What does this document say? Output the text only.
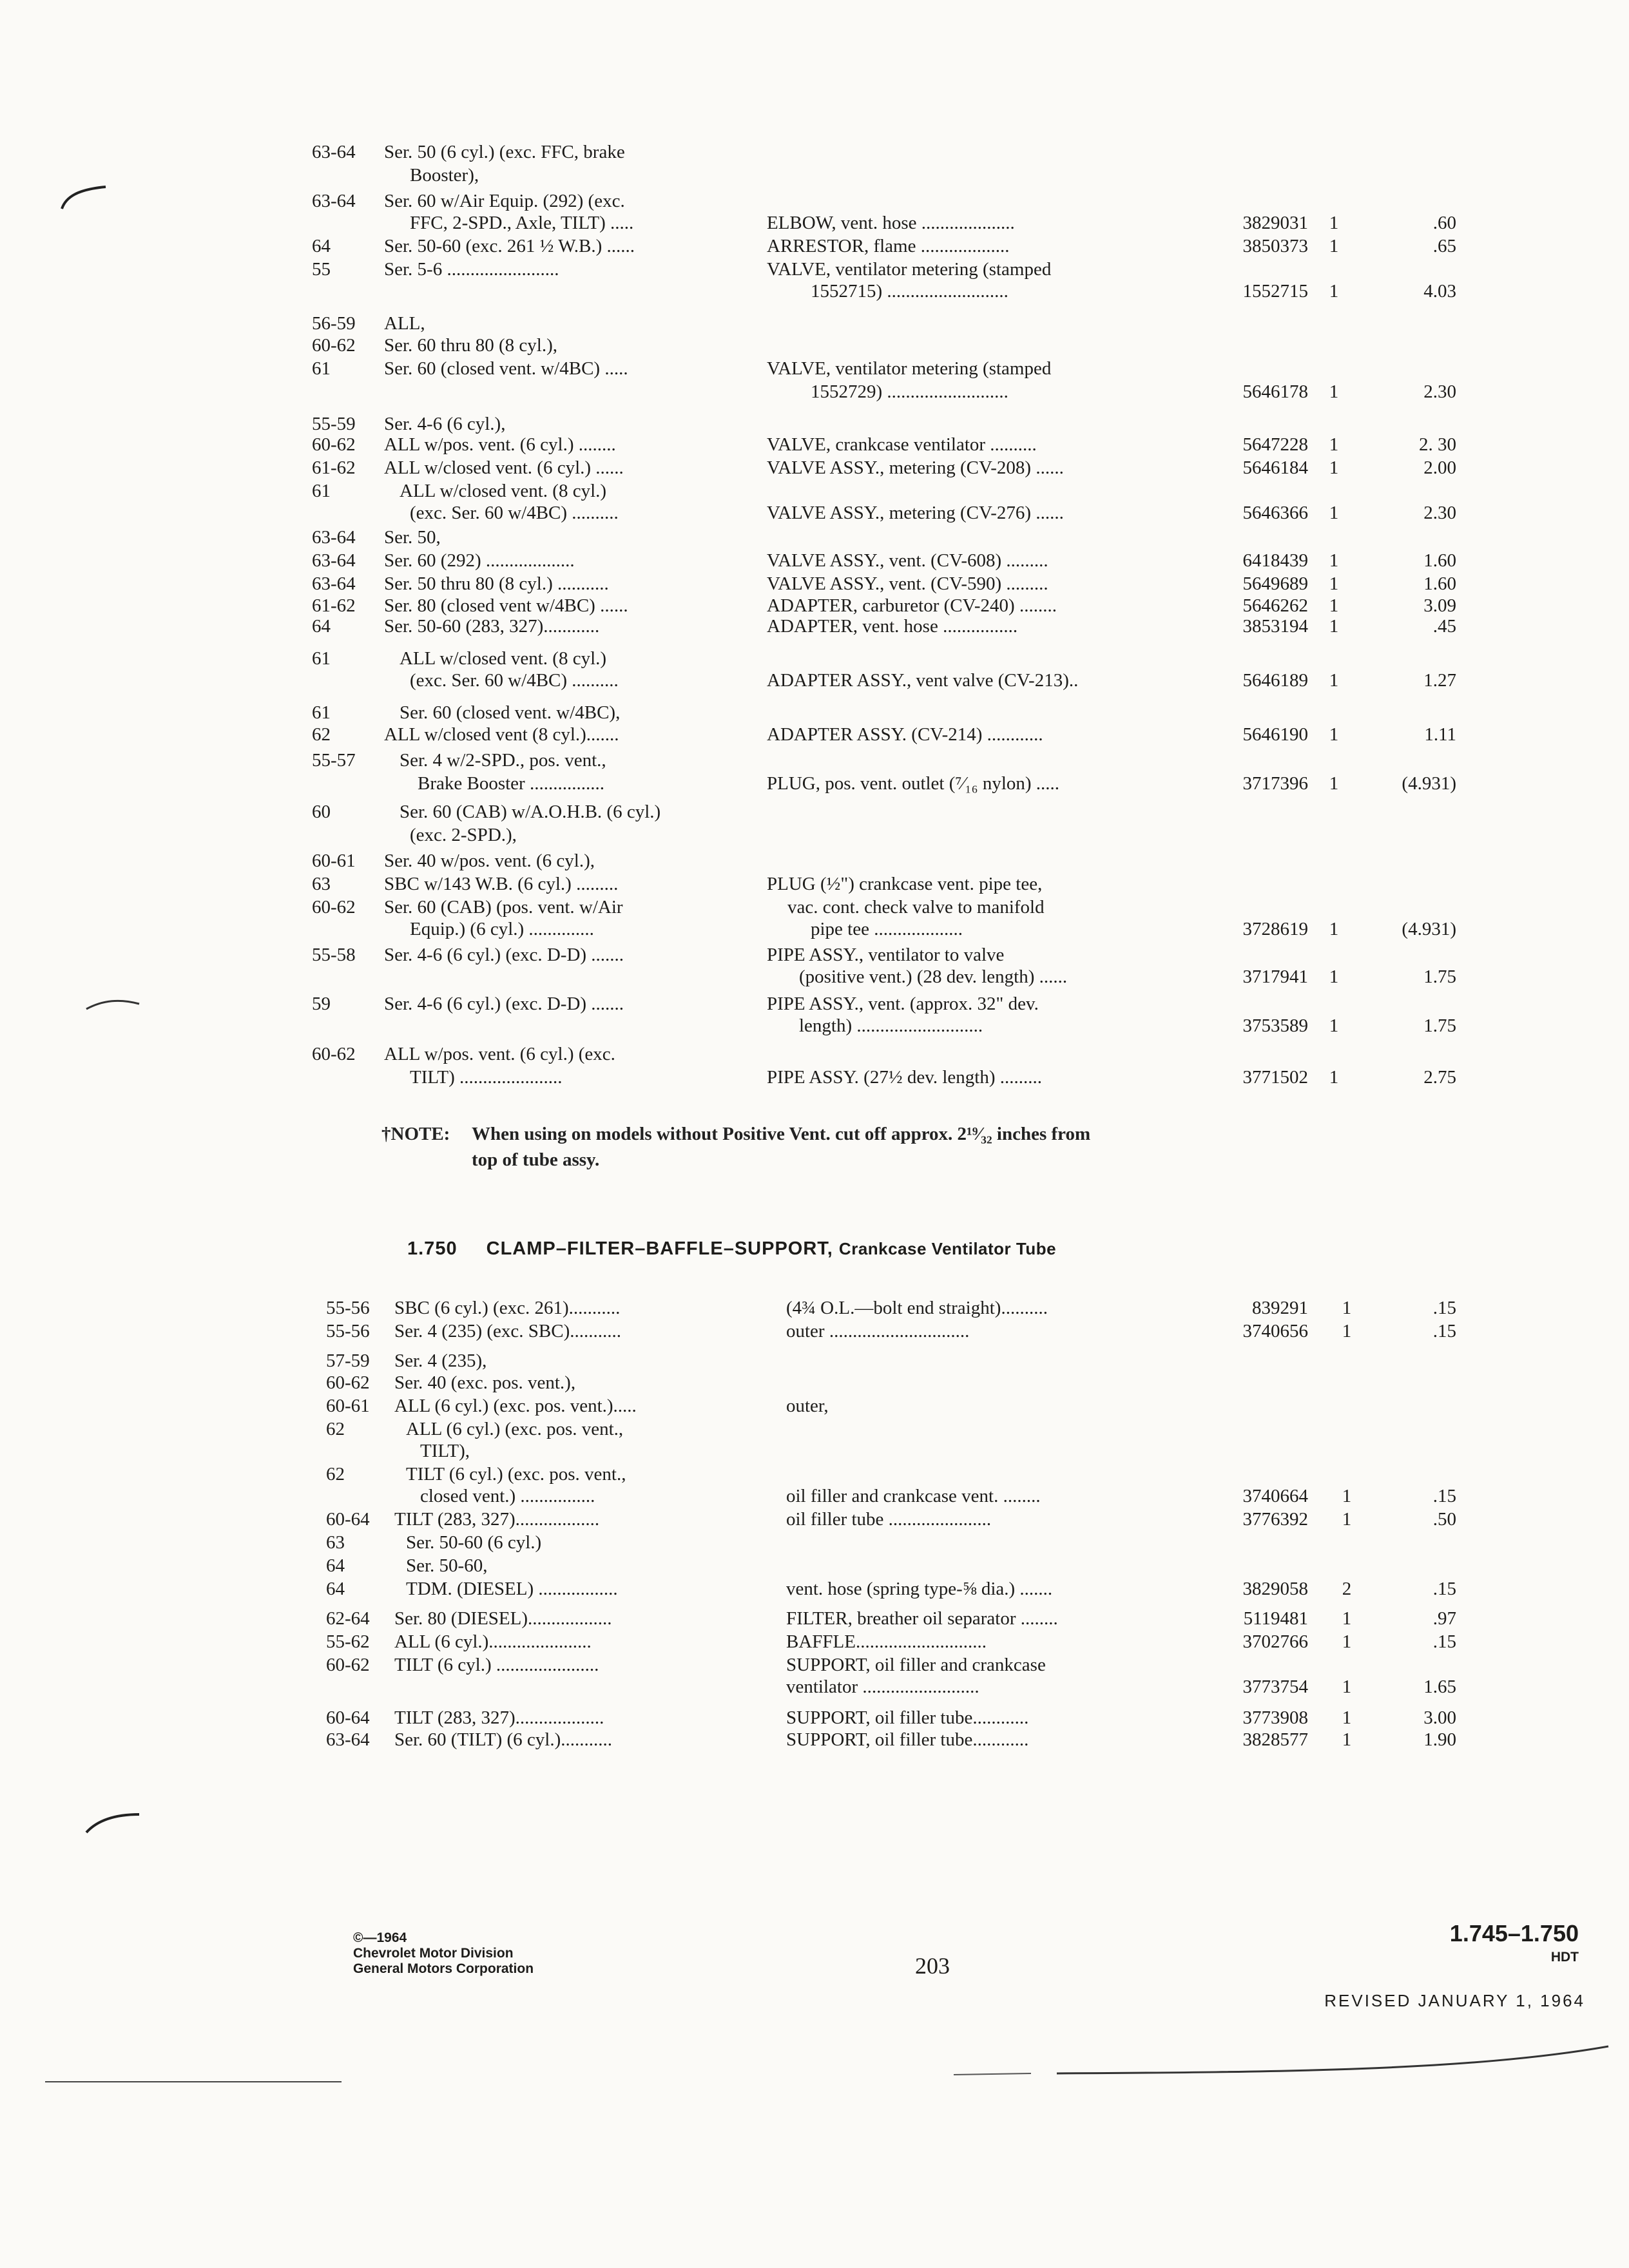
63-64	Ser. 50 (6 cyl.) (exc. FFC, brake
Booster),
63-64	Ser. 60 w/Air Equip. (292) (exc.
FFC, 2-SPD., Axle, TILT) .....	ELBOW, vent. hose ....................	3829031	1	.60
64	Ser. 50-60 (exc. 261 ½ W.B.) ......	ARRESTOR, flame ...................	3850373	1	.65
55	Ser. 5-6 ........................	VALVE, ventilator metering (stamped
1552715) ..........................	1552715	1	4.03
56-59	ALL,
60-62	Ser. 60 thru 80 (8 cyl.),
61	Ser. 60 (closed vent. w/4BC) .....	VALVE, ventilator metering (stamped
1552729) ..........................	5646178	1	2.30
55-59	Ser. 4-6 (6 cyl.),
60-62	ALL w/pos. vent. (6 cyl.) ........	VALVE, crankcase ventilator ..........	5647228	1	2. 30
61-62	ALL w/closed vent. (6 cyl.) ......	VALVE ASSY., metering (CV-208) ......	5646184	1	2.00
61	ALL w/closed vent. (8 cyl.)
(exc. Ser. 60 w/4BC) ..........	VALVE ASSY., metering (CV-276) ......	5646366	1	2.30
63-64	Ser. 50,
63-64	Ser. 60 (292) ...................	VALVE ASSY., vent. (CV-608) .........	6418439	1	1.60
63-64	Ser. 50 thru 80 (8 cyl.) ...........	VALVE ASSY., vent. (CV-590) .........	5649689	1	1.60
61-62	Ser. 80 (closed vent w/4BC) ......	ADAPTER, carburetor (CV-240) ........	5646262	1	3.09
64	Ser. 50-60 (283, 327)............	ADAPTER, vent. hose ................	3853194	1	.45
61	ALL w/closed vent. (8 cyl.)
(exc. Ser. 60 w/4BC) ..........	ADAPTER ASSY., vent valve (CV-213)..	5646189	1	1.27
61	Ser. 60 (closed vent. w/4BC),
62	ALL w/closed vent (8 cyl.).......	ADAPTER ASSY. (CV-214) ............	5646190	1	1.11
55-57	Ser. 4 w/2-SPD., pos. vent.,
Brake Booster ................	PLUG, pos. vent. outlet (⁷⁄₁₆ nylon) .....	3717396	1	(4.931)
60	Ser. 60 (CAB) w/A.O.H.B. (6 cyl.)
(exc. 2-SPD.),
60-61	Ser. 40 w/pos. vent. (6 cyl.),
63	SBC w/143 W.B. (6 cyl.) .........	PLUG (½") crankcase vent. pipe tee,
60-62	Ser. 60 (CAB) (pos. vent. w/Air	vac. cont. check valve to manifold
Equip.) (6 cyl.) ..............	pipe tee ...................	3728619	1	(4.931)
55-58	Ser. 4-6 (6 cyl.) (exc. D-D) .......	PIPE ASSY., ventilator to valve
(positive vent.) (28 dev. length) ......	3717941	1	1.75
59	Ser. 4-6 (6 cyl.) (exc. D-D) .......	PIPE ASSY., vent. (approx. 32" dev.
length) ...........................	3753589	1	1.75
60-62	ALL w/pos. vent. (6 cyl.) (exc.
TILT) ......................	PIPE ASSY. (27½ dev. length) .........	3771502	1	2.75
†NOTE: When using on models without Positive Vent. cut off approx. 2¹⁹⁄₃₂ inches from
top of tube assy.
1.750 CLAMP–FILTER–BAFFLE–SUPPORT, Crankcase Ventilator Tube
55-56	SBC (6 cyl.) (exc. 261)...........	(4¾ O.L.—bolt end straight)..........	839291	1	.15
55-56	Ser. 4 (235) (exc. SBC)...........	outer ..............................	3740656	1	.15
57-59	Ser. 4 (235),
60-62	Ser. 40 (exc. pos. vent.),
60-61	ALL (6 cyl.) (exc. pos. vent.).....	outer,
62	ALL (6 cyl.) (exc. pos. vent.,
TILT),
62	TILT (6 cyl.) (exc. pos. vent.,
closed vent.) ................	oil filler and crankcase vent. ........	3740664	1	.15
60-64	TILT (283, 327)..................	oil filler tube ......................	3776392	1	.50
63	Ser. 50-60 (6 cyl.)
64	Ser. 50-60,
64	TDM. (DIESEL) .................	vent. hose (spring type-⅝ dia.) .......	3829058	2	.15
62-64	Ser. 80 (DIESEL)..................	FILTER, breather oil separator ........	5119481	1	.97
55-62	ALL (6 cyl.)......................	BAFFLE............................	3702766	1	.15
60-62	TILT (6 cyl.) ......................	SUPPORT, oil filler and crankcase
ventilator .........................	3773754	1	1.65
60-64	TILT (283, 327)...................	SUPPORT, oil filler tube............	3773908	1	3.00
63-64	Ser. 60 (TILT) (6 cyl.)...........	SUPPORT, oil filler tube............	3828577	1	1.90
©—1964
Chevrolet Motor Division
General Motors Corporation	203
1.745–1.750
HDT
REVISED JANUARY 1, 1964
